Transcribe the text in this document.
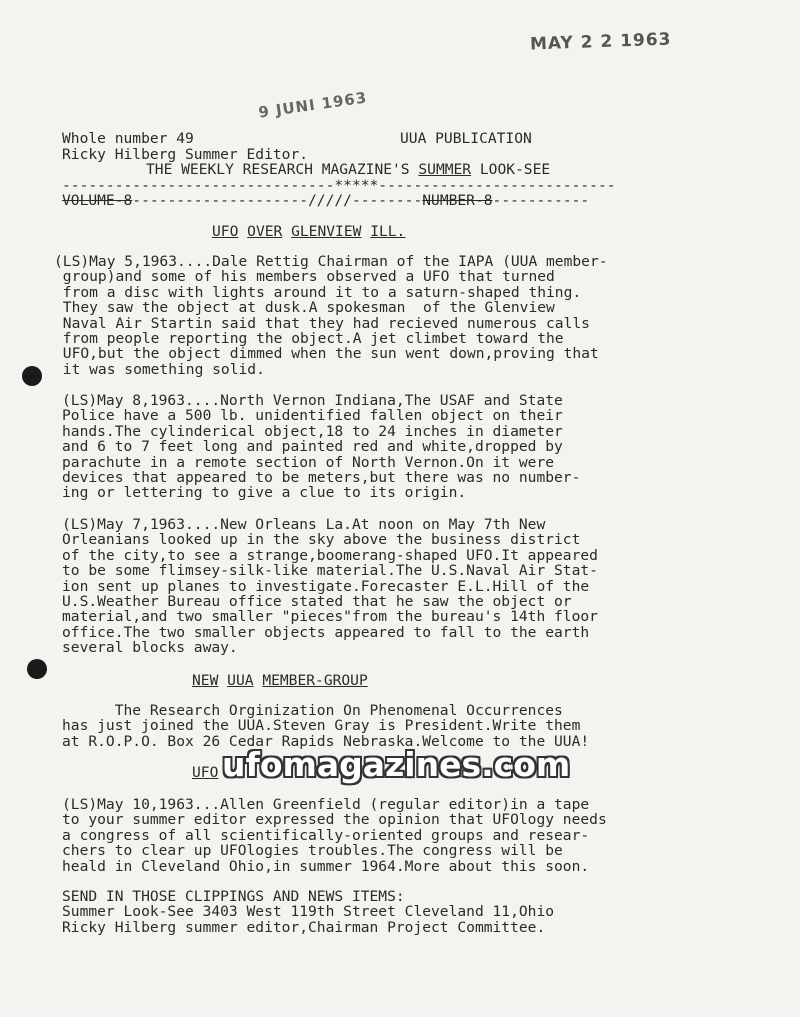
MAY 2 2 1963
9 JUNI 1963
Whole number 49	UUA PUBLICATION
Ricky Hilberg Summer Editor.
THE WEEKLY RESEARCH MAGAZINE'S SUMMER LOOK-SEE
-------------------------------*****---------------------------
VOLUME-8--------------------/////--------NUMBER-8-----------
UFO OVER GLENVIEW ILL.
(LS)May 5,1963....Dale Rettig Chairman of the IAPA (UUA member-
group)and some of his members observed a UFO that turned
from a disc with lights around it to a saturn-shaped thing.
They saw the object at dusk.A spokesman  of the Glenview
Naval Air Startin said that they had recieved numerous calls
from people reporting the object.A jet climbet toward the
UFO,but the object dimmed when the sun went down,proving that
it was something solid.
(LS)May 8,1963....North Vernon Indiana,The USAF and State
Police have a 500 lb. unidentified fallen object on their
hands.The cylinderical object,18 to 24 inches in diameter
and 6 to 7 feet long and painted red and white,dropped by
parachute in a remote section of North Vernon.On it were
devices that appeared to be meters,but there was no number-
ing or lettering to give a clue to its origin.
(LS)May 7,1963....New Orleans La.At noon on May 7th New
Orleanians looked up in the sky above the business district
of the city,to see a strange,boomerang-shaped UFO.It appeared
to be some flimsey-silk-like material.The U.S.Naval Air Stat-
ion sent up planes to investigate.Forecaster E.L.Hill of the
U.S.Weather Bureau office stated that he saw the object or
material,and two smaller "pieces"from the bureau's 14th floor
office.The two smaller objects appeared to fall to the earth
several blocks away.
NEW UUA MEMBER-GROUP
The Research Orginization On Phenomenal Occurrences
has just joined the UUA.Steven Gray is President.Write them
at R.O.P.O. Box 26 Cedar Rapids Nebraska.Welcome to the UUA!
UFO
(LS)May 10,1963...Allen Greenfield (regular editor)in a tape
to your summer editor expressed the opinion that UFOlogy needs
a congress of all scientifically-oriented groups and resear-
chers to clear up UFOlogies troubles.The congress will be
heald in Cleveland Ohio,in summer 1964.More about this soon.
SEND IN THOSE CLIPPINGS AND NEWS ITEMS:
Summer Look-See 3403 West 119th Street Cleveland 11,Ohio
Ricky Hilberg summer editor,Chairman Project Committee.
ufomagazines.com
